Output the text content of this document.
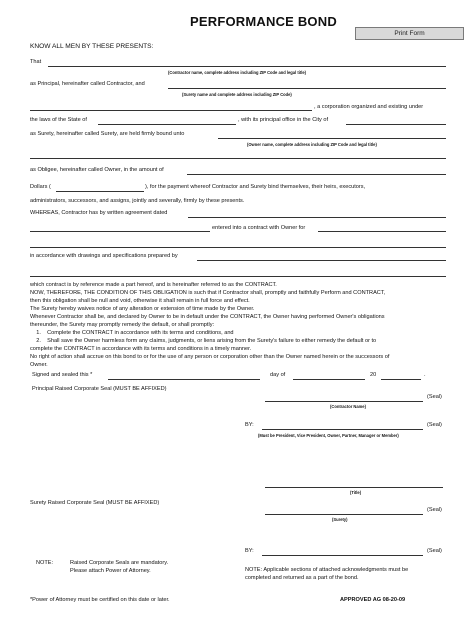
PERFORMANCE BOND
Print Form
KNOW ALL MEN BY THESE PRESENTS:
That
(Contractor name, complete address including ZIP Code and legal title)
as Principal, hereinafter called Contractor, and
(Surety name and complete address including ZIP Code)
, a corporation organized and existing under
the laws of the State of	, with its principal office in the City of
as Surety, hereinafter called Surety, are held firmly bound unto
(Owner name, complete address including ZIP Code and legal title)
as Obligee, hereinafter called Owner, in the amount of
Dollars (	), for the payment whereof Contractor and Surety bind themselves, their heirs, executors,
administrators, successors, and assigns, jointly and severally, firmly by these presents.
WHEREAS, Contractor has by written agreement dated
entered into a contract with Owner for
in accordance with drawings and specifications prepared by
which contract is by reference made a part hereof, and is hereinafter referred to as the CONTRACT.
NOW, THEREFORE, THE CONDITION OF THIS OBLIGATION is such that if Contractor shall, promptly and faithfully Perform and CONTRACT,
then this obligation shall be null and void, otherwise it shall remain in full force and effect.
The Surety hereby waives notice of any alteration or extension of time made by the Owner.
Whenever Contractor shall be, and declared by Owner to be in default under the CONTRACT, the Owner having performed Owner's obligations
thereunder, the Surety may promptly remedy the default, or shall promptly:
1.    Complete the CONTRACT in accordance with its terms and conditions, and
2.    Shall save the Owner harmless form any claims, judgments, or liens arising from the Surety's failure to either remedy the default or to
complete the CONTRACT in accordance with its terms and conditions in a timely manner.
No right of action shall accrue on this bond to or for the use of any person or corporation other than the Owner named herein or the successors of
Owner.
Signed and sealed this *	day of	20	.
Principal Raised Corporate Seal (MUST BE AFFIXED)
(Seal)
(Contractor Name)
BY:	(Seal)
(Must be President, Vice President, Owner, Partner, Manager or Member)
(Title)
Surety Raised Corporate Seal (MUST BE AFFIXED)
(Seal)
(Surety)
BY:	(Seal)
NOTE:	Raised Corporate Seals are mandatory.
Please attach Power of Attorney.	NOTE: Applicable sections of attached acknowledgments must be
completed and returned as a part of the bond.
*Power of Attorney must be certified on this date or later.	APPROVED AG 08-20-09
